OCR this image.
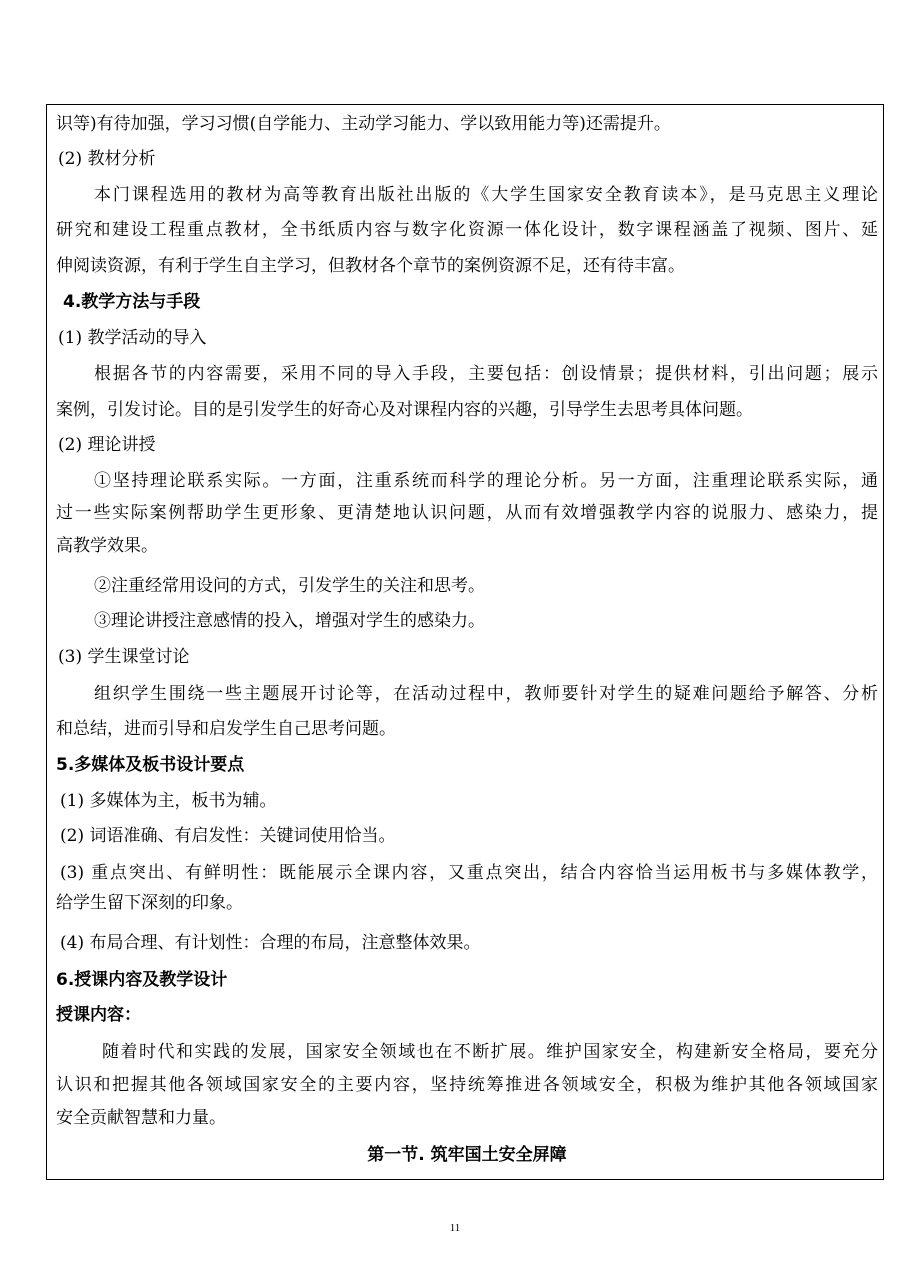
识等)有待加强，学习习惯(自学能力、主动学习能力、学以致用能力等)还需提升。
(2) 教材分析
本门课程选用的教材为高等教育出版社出版的《大学生国家安全教育读本》，是马克思主义理论
研究和建设工程重点教材，全书纸质内容与数字化资源一体化设计，数字课程涵盖了视频、图片、延
伸阅读资源，有利于学生自主学习，但教材各个章节的案例资源不足，还有待丰富。
4.教学方法与手段
(1) 教学活动的导入
根据各节的内容需要，采用不同的导入手段，主要包括：创设情景；提供材料，引出问题；展示
案例，引发讨论。目的是引发学生的好奇心及对课程内容的兴趣，引导学生去思考具体问题。
(2) 理论讲授
①坚持理论联系实际。一方面，注重系统而科学的理论分析。另一方面，注重理论联系实际，通
过一些实际案例帮助学生更形象、更清楚地认识问题，从而有效增强教学内容的说服力、感染力，提
高教学效果。
②注重经常用设问的方式，引发学生的关注和思考。
③理论讲授注意感情的投入，增强对学生的感染力。
(3) 学生课堂讨论
组织学生围绕一些主题展开讨论等，在活动过程中，教师要针对学生的疑难问题给予解答、分析
和总结，进而引导和启发学生自己思考问题。
5.多媒体及板书设计要点
(1) 多媒体为主，板书为辅。
(2) 词语准确、有启发性：关键词使用恰当。
(3) 重点突出、有鲜明性：既能展示全课内容，又重点突出，结合内容恰当运用板书与多媒体教学，
给学生留下深刻的印象。
(4) 布局合理、有计划性：合理的布局，注意整体效果。
6.授课内容及教学设计
授课内容：
随着时代和实践的发展，国家安全领域也在不断扩展。维护国家安全，构建新安全格局，要充分
认识和把握其他各领域国家安全的主要内容，坚持统筹推进各领域安全，积极为维护其他各领域国家
安全贡献智慧和力量。
第一节. 筑牢国土安全屏障
11
